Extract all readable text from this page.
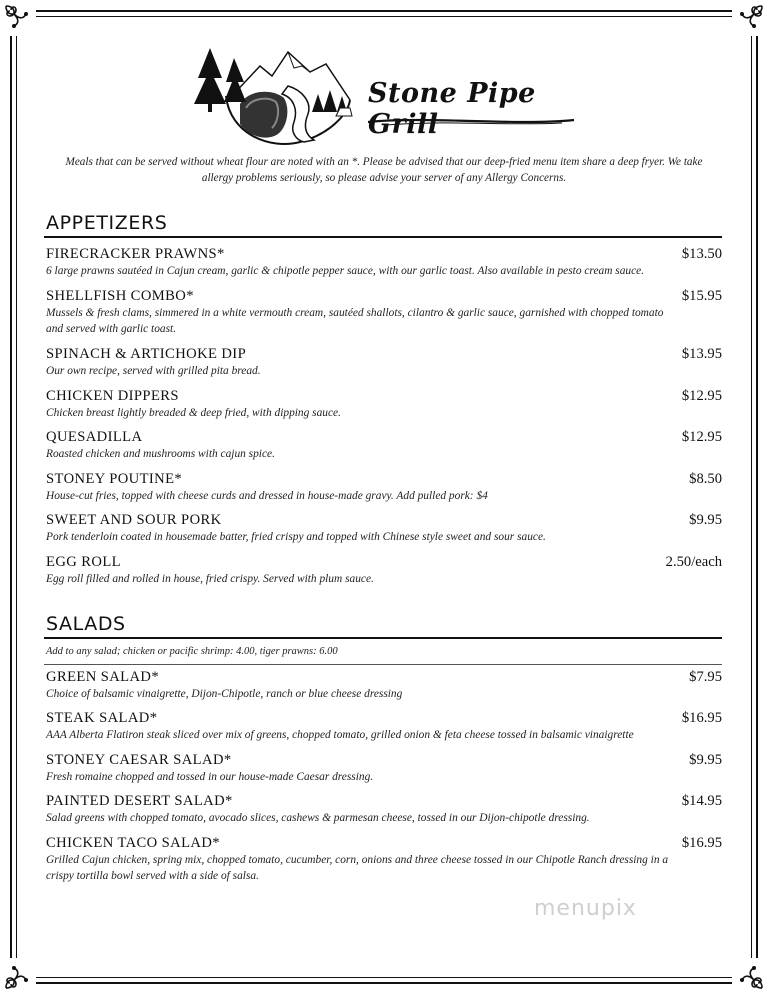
Stone Pipe Grill
Meals that can be served without wheat flour are noted with an *. Please be advised that our deep-fried menu item share a deep fryer. We take allergy problems seriously, so please advise your server of any Allergy Concerns.
APPETIZERS
FIRECRACKER PRAWNS*	$13.50
6 large prawns sautéed in Cajun cream, garlic & chipotle pepper sauce, with our garlic toast. Also available in pesto cream sauce.
SHELLFISH COMBO*	$15.95
Mussels & fresh clams, simmered in a white vermouth cream, sautéed shallots, cilantro & garlic sauce, garnished with chopped tomato and served with garlic toast.
SPINACH & ARTICHOKE DIP	$13.95
Our own recipe, served with grilled pita bread.
CHICKEN DIPPERS	$12.95
Chicken breast lightly breaded & deep fried, with dipping sauce.
QUESADILLA	$12.95
Roasted chicken and mushrooms with cajun spice.
STONEY POUTINE*	$8.50
House-cut fries, topped with cheese curds and dressed in house-made gravy. Add pulled pork: $4
SWEET AND SOUR PORK	$9.95
Pork tenderloin coated in housemade batter, fried crispy and topped with Chinese style sweet and sour sauce.
EGG ROLL	2.50/each
Egg roll filled and rolled in house, fried crispy. Served with plum sauce.
SALADS
Add to any salad; chicken or pacific shrimp: 4.00, tiger prawns: 6.00
GREEN SALAD*	$7.95
Choice of balsamic vinaigrette, Dijon-Chipotle, ranch or blue cheese dressing
STEAK SALAD*	$16.95
AAA Alberta Flatiron steak sliced over mix of greens, chopped tomato, grilled onion & feta cheese tossed in balsamic vinaigrette
STONEY CAESAR SALAD*	$9.95
Fresh romaine chopped and tossed in our house-made Caesar dressing.
PAINTED DESERT SALAD*	$14.95
Salad greens with chopped tomato, avocado slices, cashews & parmesan cheese, tossed in our Dijon-chipotle dressing.
CHICKEN TACO SALAD*	$16.95
Grilled Cajun chicken, spring mix, chopped tomato, cucumber, corn, onions and three cheese tossed in our Chipotle Ranch dressing in a crispy tortilla bowl served with a side of salsa.
menupix
